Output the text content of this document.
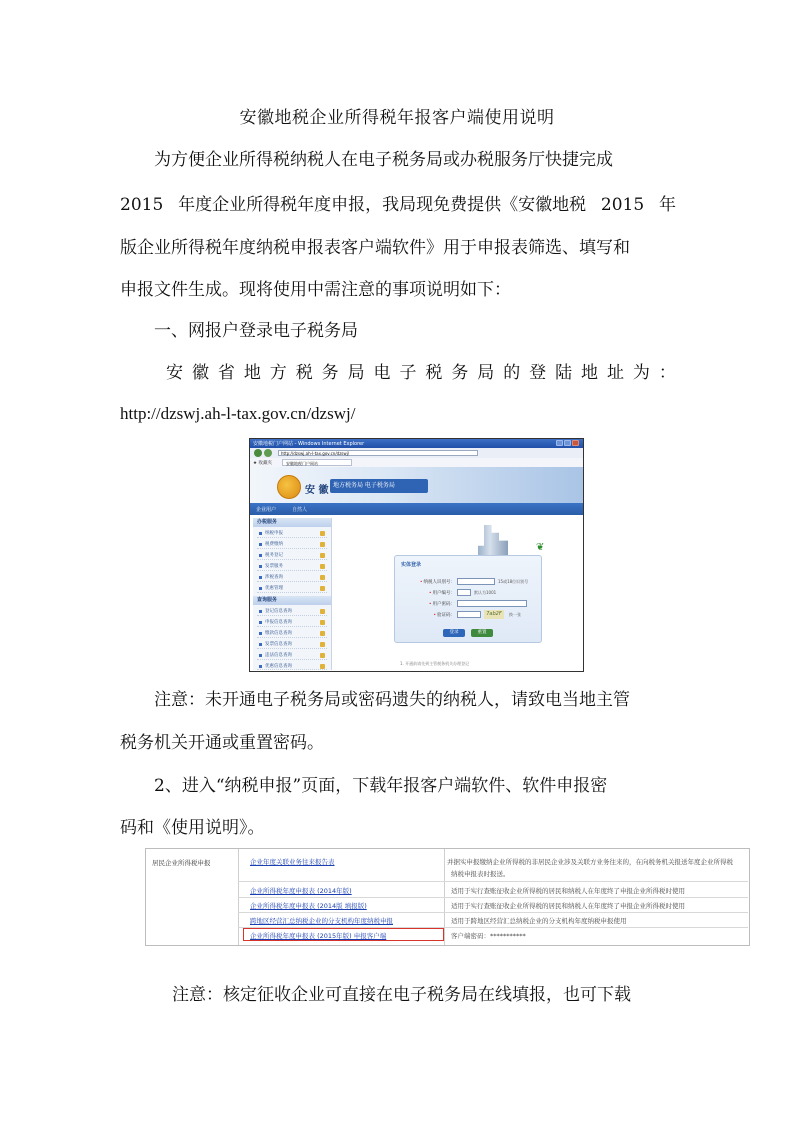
安徽地税企业所得税年报客户端使用说明
为方便企业所得税纳税人在电子税务局或办税服务厅快捷完成
2015 年度企业所得税年度申报，我局现免费提供《安徽地税 2015 年
版企业所得税年度纳税申报表客户端软件》用于申报表筛选、填写和
申报文件生成。现将使用中需注意的事项说明如下：
一、网报户登录电子税务局
安 徽 省 地 方 税 务 局 电 子 税 务 局 的 登 陆 地 址 为 ：
http://dzswj.ah-l-tax.gov.cn/dzswj/
安徽地税门户网站 - Windows Internet Explorer
http://dzswj.ah-l-tax.gov.cn/dzswj/
★ 收藏夹	安徽地税门户网站
安 徽 地方税务局 电子税务局
企业用户	自然人
办税服务
纳税申报
税费缴纳
税务登记
发票服务
涉税查询
优惠管理
查询服务
登记信息查询
申报信息查询
缴款信息查询
发票信息查询
违法信息查询
优惠信息查询
❦
实体登录
• 纳税人识别号：	15或18位识别号
• 用户编号：	默认为1001
• 用户密码：
• 验证码：	7ab2F	换一张
登录	重置
1. 开通前请先到主管税务机关办理登记
注意：未开通电子税务局或密码遗失的纳税人，请致电当地主管
税务机关开通或重置密码。
2、进入“纳税申报”页面，下载年报客户端软件、软件申报密
码和《使用说明》。
居民企业所得税申报	企业年度关联业务往来报告表	并据实申报缴纳企业所得税的非居民企业涉及关联方业务往来的，在向税务机关报送年度企业所得税
纳税申报表时报送。
企业所得税年度申报表 (2014年版)	适用于实行查账征收企业所得税的居民和纳税人在年度终了申报企业所得税时使用
企业所得税年度申报表 (2014版 填报版)	适用于实行查账征收企业所得税的居民和纳税人在年度终了申报企业所得税时使用
跨地区经营汇总纳税企业的分支机构年度纳税申报	适用于跨地区经营汇总纳税企业的分支机构年度纳税申报使用
企业所得税年度申报表 (2015年版) 申报客户端	客户端密码：***********
注意：核定征收企业可直接在电子税务局在线填报，也可下载
